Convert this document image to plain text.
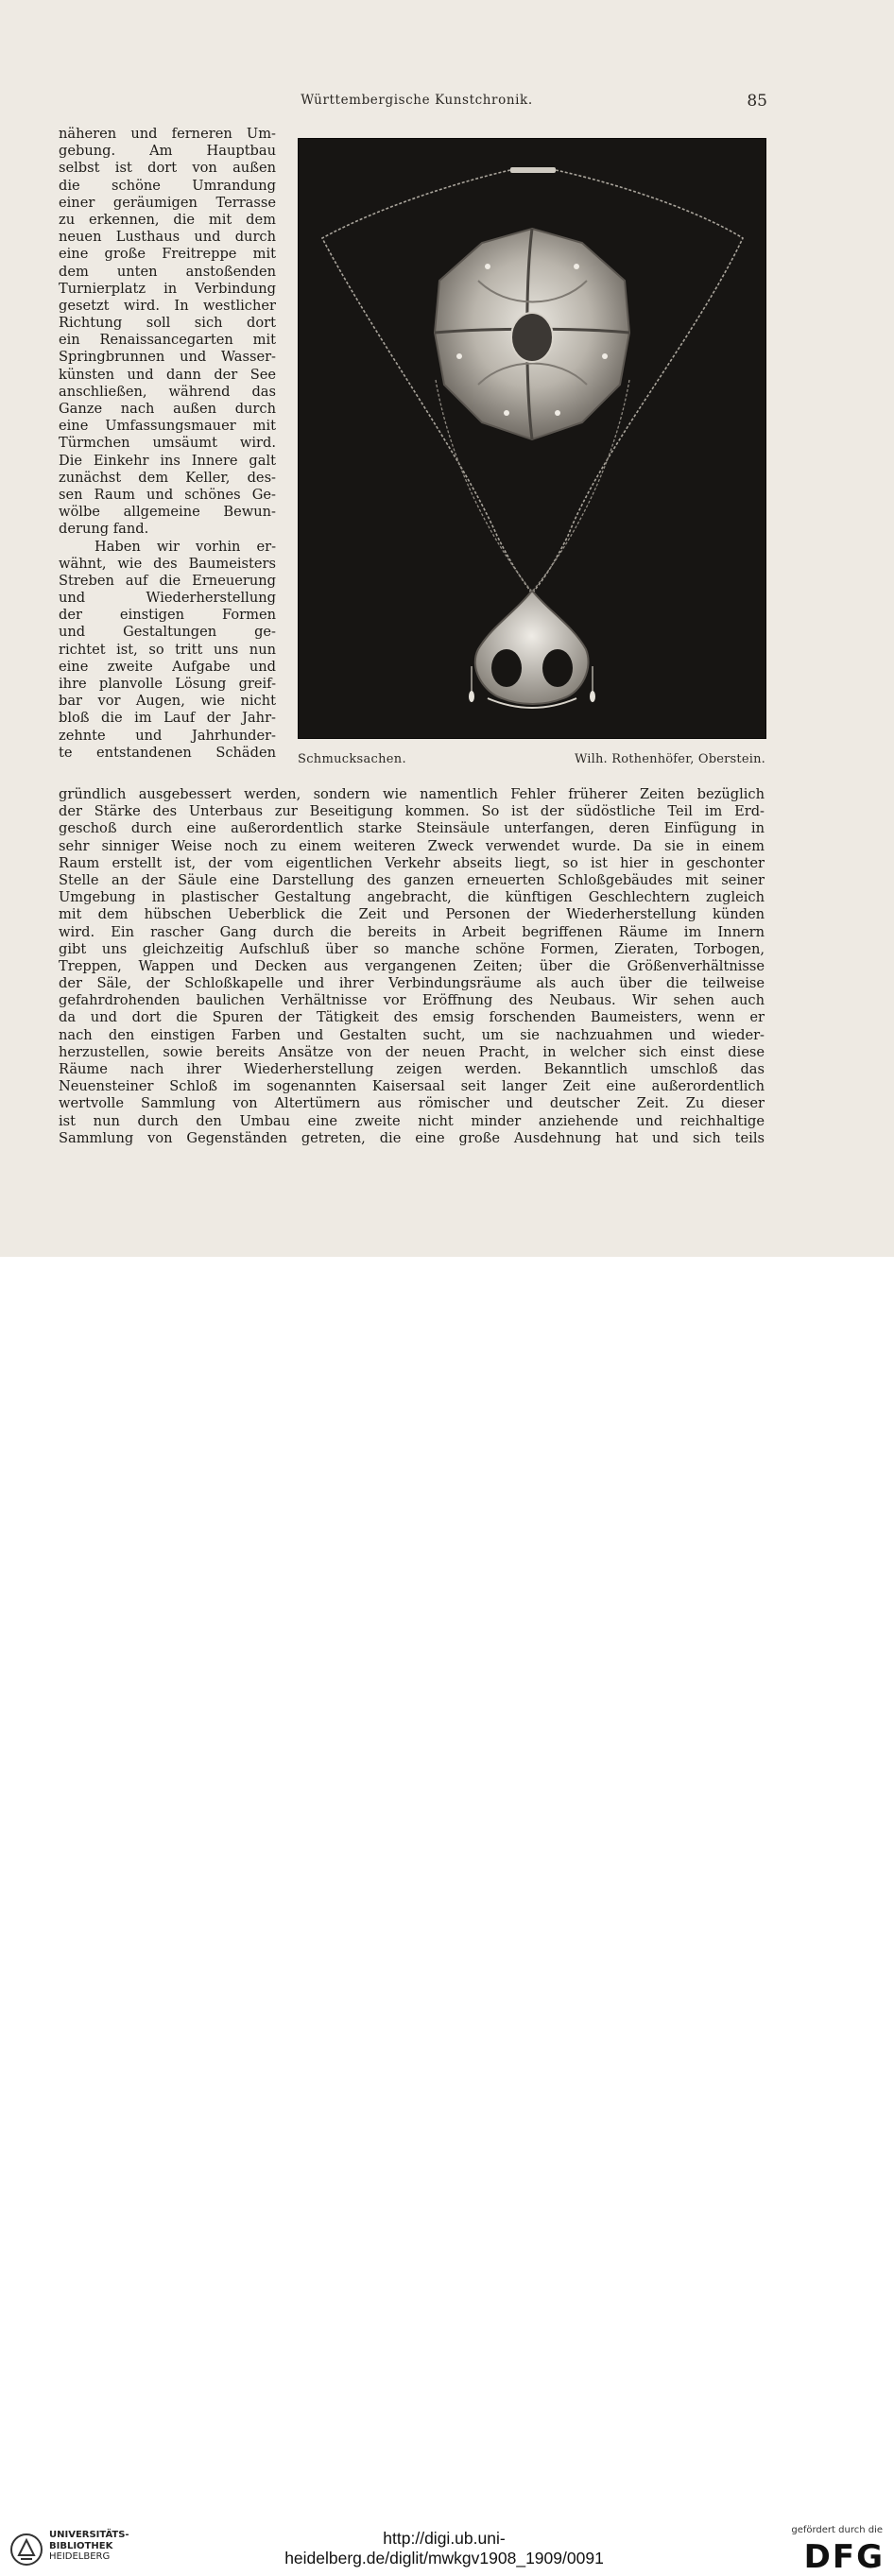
Württembergische Kunstchronik.	85
näheren und ferneren Um-
gebung. Am Hauptbau
selbst ist dort von außen
die schöne Umrandung
einer geräumigen Terrasse
zu erkennen, die mit dem
neuen Lusthaus und durch
eine große Freitreppe mit
dem unten anstoßenden
Turnierplatz in Verbindung
gesetzt wird. In westlicher
Richtung soll sich dort
ein Renaissancegarten mit
Springbrunnen und Wasser-
künsten und dann der See
anschließen, während das
Ganze nach außen durch
eine Umfassungsmauer mit
Türmchen umsäumt wird.
Die Einkehr ins Innere galt
zunächst dem Keller, des-
sen Raum und schönes Ge-
wölbe allgemeine Bewun-
derung fand.
Haben wir vorhin er-
wähnt, wie des Baumeisters
Streben auf die Erneuerung
und Wiederherstellung
der einstigen Formen
und Gestaltungen ge-
richtet ist, so tritt uns nun
eine zweite Aufgabe und
ihre planvolle Lösung greif-
bar vor Augen, wie nicht
bloß die im Lauf der Jahr-
zehnte und Jahrhunder-
te entstandenen Schäden Schmucksachen.	Wilh. Rothenhöfer, Oberstein.
gründlich ausgebessert werden, sondern wie namentlich Fehler früherer Zeiten bezüglich
der Stärke des Unterbaus zur Beseitigung kommen. So ist der südöstliche Teil im Erd-
geschoß durch eine außerordentlich starke Steinsäule unterfangen, deren Einfügung in
sehr sinniger Weise noch zu einem weiteren Zweck verwendet wurde. Da sie in einem
Raum erstellt ist, der vom eigentlichen Verkehr abseits liegt, so ist hier in geschonter
Stelle an der Säule eine Darstellung des ganzen erneuerten Schloßgebäudes mit seiner
Umgebung in plastischer Gestaltung angebracht, die künftigen Geschlechtern zugleich
mit dem hübschen Ueberblick die Zeit und Personen der Wiederherstellung künden
wird. Ein rascher Gang durch die bereits in Arbeit begriffenen Räume im Innern
gibt uns gleichzeitig Aufschluß über so manche schöne Formen, Zieraten, Torbogen,
Treppen, Wappen und Decken aus vergangenen Zeiten; über die Größenverhältnisse
der Säle, der Schloßkapelle und ihrer Verbindungsräume als auch über die teilweise
gefahrdrohenden baulichen Verhältnisse vor Eröffnung des Neubaus. Wir sehen auch
da und dort die Spuren der Tätigkeit des emsig forschenden Baumeisters, wenn er
nach den einstigen Farben und Gestalten sucht, um sie nachzuahmen und wieder-
herzustellen, sowie bereits Ansätze von der neuen Pracht, in welcher sich einst diese
Räume nach ihrer Wiederherstellung zeigen werden. Bekanntlich umschloß das
Neuensteiner Schloß im sogenannten Kaisersaal seit langer Zeit eine außerordentlich
wertvolle Sammlung von Altertümern aus römischer und deutscher Zeit. Zu dieser
ist nun durch den Umbau eine zweite nicht minder anziehende und reichhaltige
Sammlung von Gegenständen getreten, die eine große Ausdehnung hat und sich teils
UNIVERSITÄTS-
BIBLIOTHEK
HEIDELBERG
http://digi.ub.uni-heidelberg.de/diglit/mwkgv1908_1909/0091
gefördert durch die
DFG
